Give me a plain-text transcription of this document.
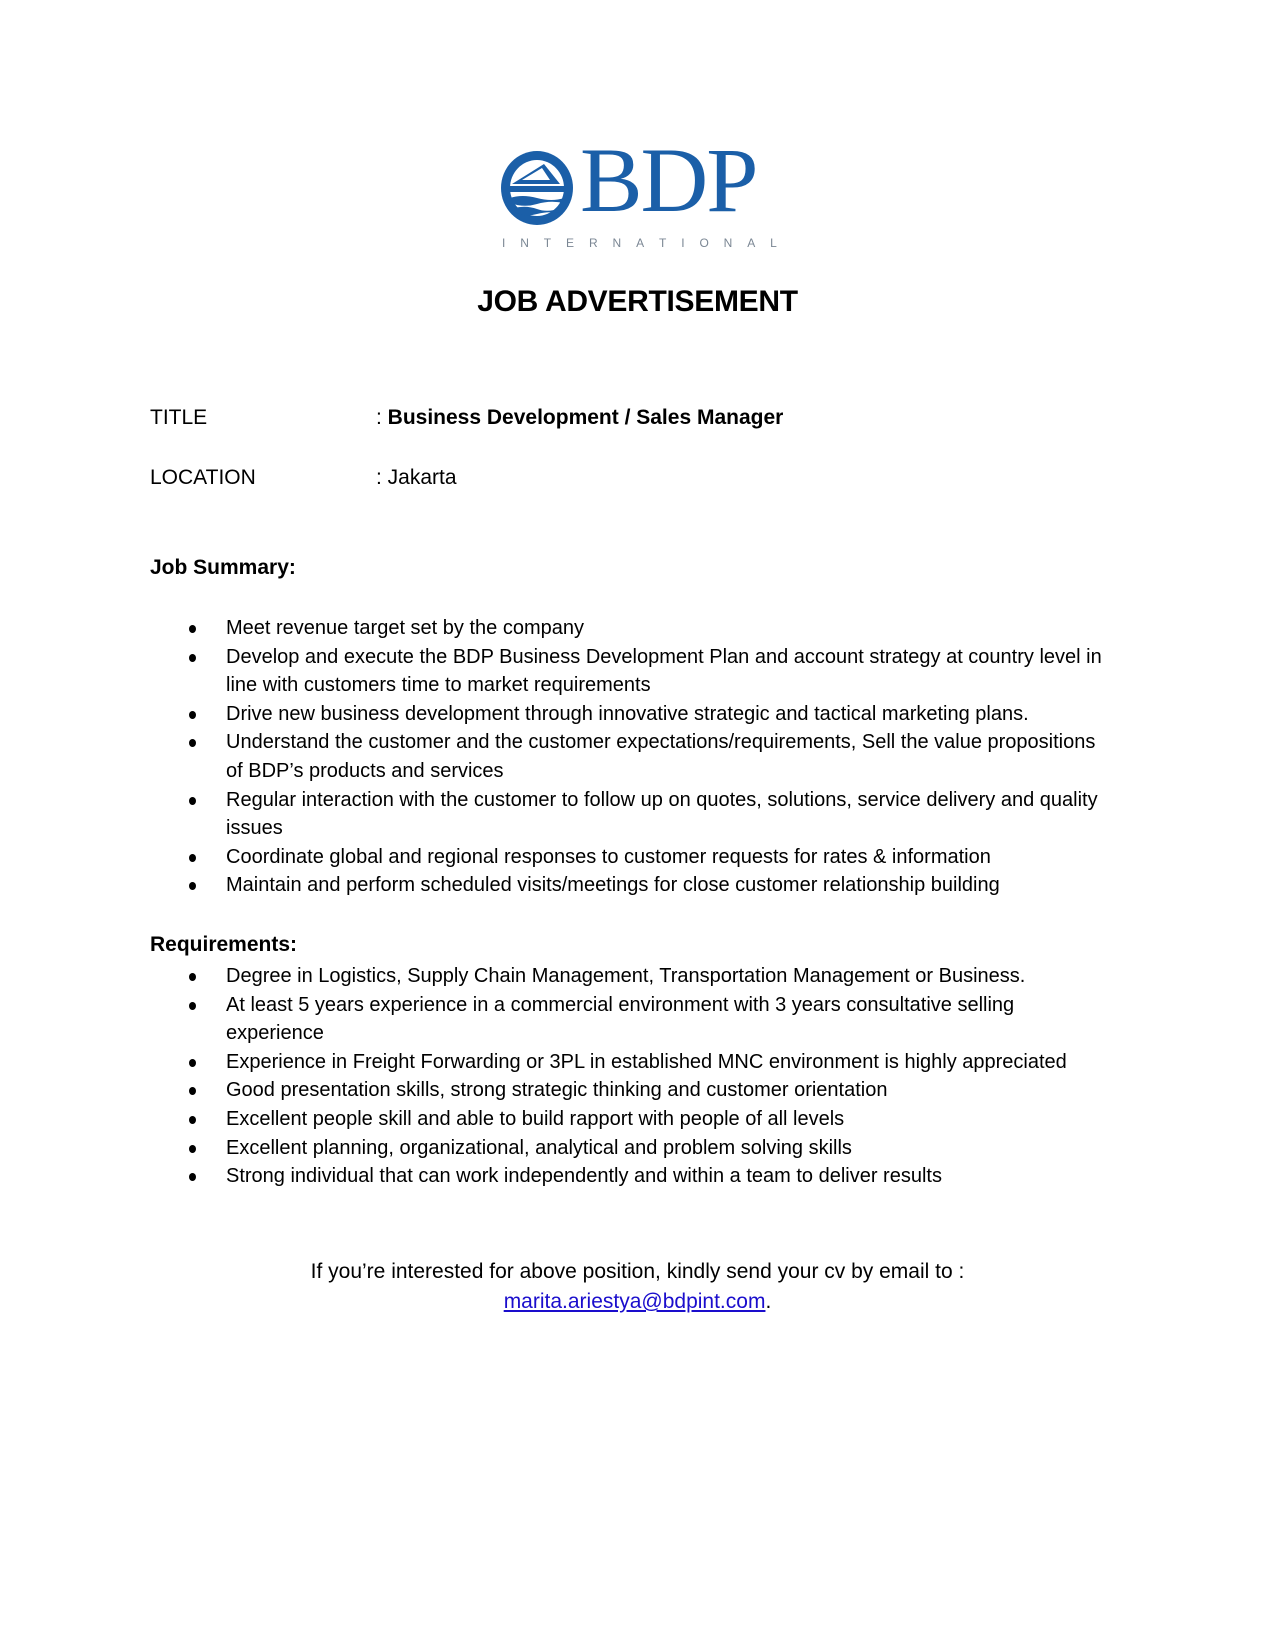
BDP
I N T E R N A T I O N A L
JOB ADVERTISEMENT
TITLE	: Business Development / Sales Manager
LOCATION	: Jakarta
Job Summary:
Meet revenue target set by the company
Develop and execute the BDP Business Development Plan and account strategy at country level in line with customers time to market requirements
Drive new business development through innovative strategic and tactical marketing plans.
Understand the customer and the customer expectations/requirements, Sell the value propositions of BDP’s products and services
Regular interaction with the customer to follow up on quotes, solutions, service delivery and quality issues
Coordinate global and regional responses to customer requests for rates & information
Maintain and perform scheduled visits/meetings for close customer relationship building
Requirements:
Degree in Logistics, Supply Chain Management, Transportation Management or Business.
At least 5 years experience in a commercial environment with 3 years consultative selling experience
Experience in Freight Forwarding or 3PL in established MNC environment is highly appreciated
Good presentation skills, strong strategic thinking and customer orientation
Excellent people skill and able to build rapport with people of all levels
Excellent planning, organizational, analytical and problem solving skills
Strong individual that can work independently and within a team to deliver results
If you’re interested for above position, kindly send your cv by email to :
marita.ariestya@bdpint.com.
